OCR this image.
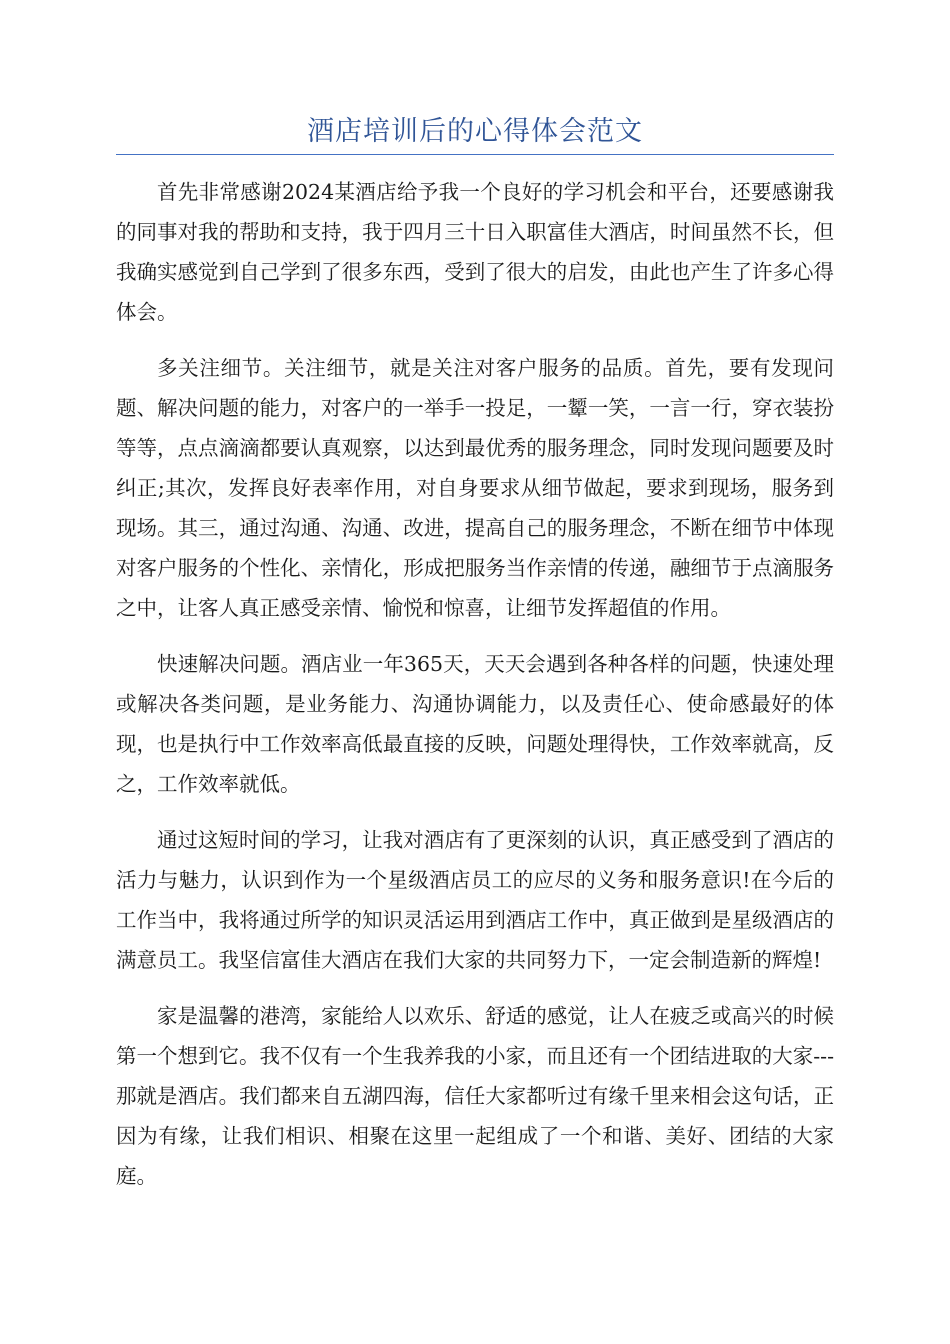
酒店培训后的心得体会范文

首先非常感谢2024某酒店给予我一个良好的学习机会和平台，还要感谢我的同事对我的帮助和支持，我于四月三十日入职富佳大酒店，时间虽然不长，但我确实感觉到自己学到了很多东西，受到了很大的启发，由此也产生了许多心得体会。

多关注细节。关注细节，就是关注对客户服务的品质。首先，要有发现问题、解决问题的能力，对客户的一举手一投足，一颦一笑，一言一行，穿衣装扮等等，点点滴滴都要认真观察，以达到最优秀的服务理念，同时发现问题要及时纠正;其次，发挥良好表率作用，对自身要求从细节做起，要求到现场，服务到现场。其三，通过沟通、沟通、改进，提高自己的服务理念，不断在细节中体现对客户服务的个性化、亲情化，形成把服务当作亲情的传递，融细节于点滴服务之中，让客人真正感受亲情、愉悦和惊喜，让细节发挥超值的作用。

快速解决问题。酒店业一年365天，天天会遇到各种各样的问题，快速处理或解决各类问题，是业务能力、沟通协调能力，以及责任心、使命感最好的体现，也是执行中工作效率高低最直接的反映，问题处理得快，工作效率就高，反之，工作效率就低。

通过这短时间的学习，让我对酒店有了更深刻的认识，真正感受到了酒店的活力与魅力，认识到作为一个星级酒店员工的应尽的义务和服务意识!在今后的工作当中，我将通过所学的知识灵活运用到酒店工作中，真正做到是星级酒店的满意员工。我坚信富佳大酒店在我们大家的共同努力下，一定会制造新的辉煌!

家是温馨的港湾，家能给人以欢乐、舒适的感觉，让人在疲乏或高兴的时候第一个想到它。我不仅有一个生我养我的小家，而且还有一个团结进取的大家---那就是酒店。我们都来自五湖四海，信任大家都听过有缘千里来相会这句话，正因为有缘，让我们相识、相聚在这里一起组成了一个和谐、美好、团结的大家庭。
